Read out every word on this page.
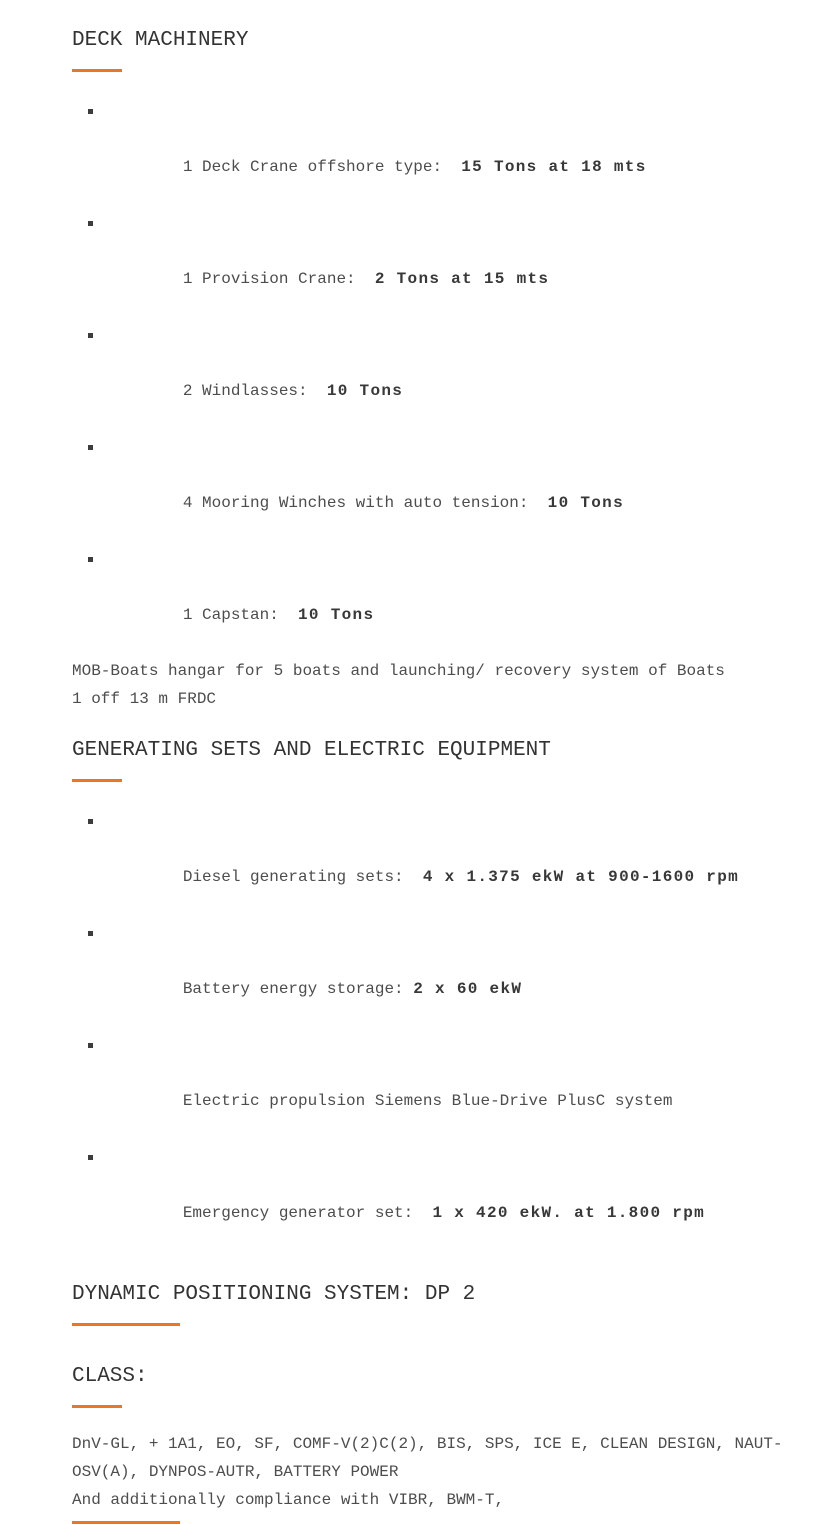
DECK MACHINERY

1 Deck Crane offshore type:  15 Tons at 18 mts

1 Provision Crane:  2 Tons at 15 mts

2 Windlasses:  10 Tons

4 Mooring Winches with auto tension:  10 Tons

1 Capstan:  10 Tons

MOB-Boats hangar for 5 boats and launching/ recovery system of Boats

1 off 13 m FRDC

GENERATING SETS AND ELECTRIC EQUIPMENT

Diesel generating sets:  4 x 1.375 ekW at 900-1600 rpm

Battery energy storage: 2 x 60 ekW

Electric propulsion Siemens Blue-Drive PlusC system

Emergency generator set:  1 x 420 ekW. at 1.800 rpm

DYNAMIC POSITIONING SYSTEM: DP 2
CLASS:

DnV-GL, + 1A1, EO, SF, COMF-V(2)C(2), BIS, SPS, ICE E, CLEAN DESIGN, NAUT-OSV(A), DYNPOS-AUTR, BATTERY POWER

And additionally compliance with VIBR, BWM-T,
